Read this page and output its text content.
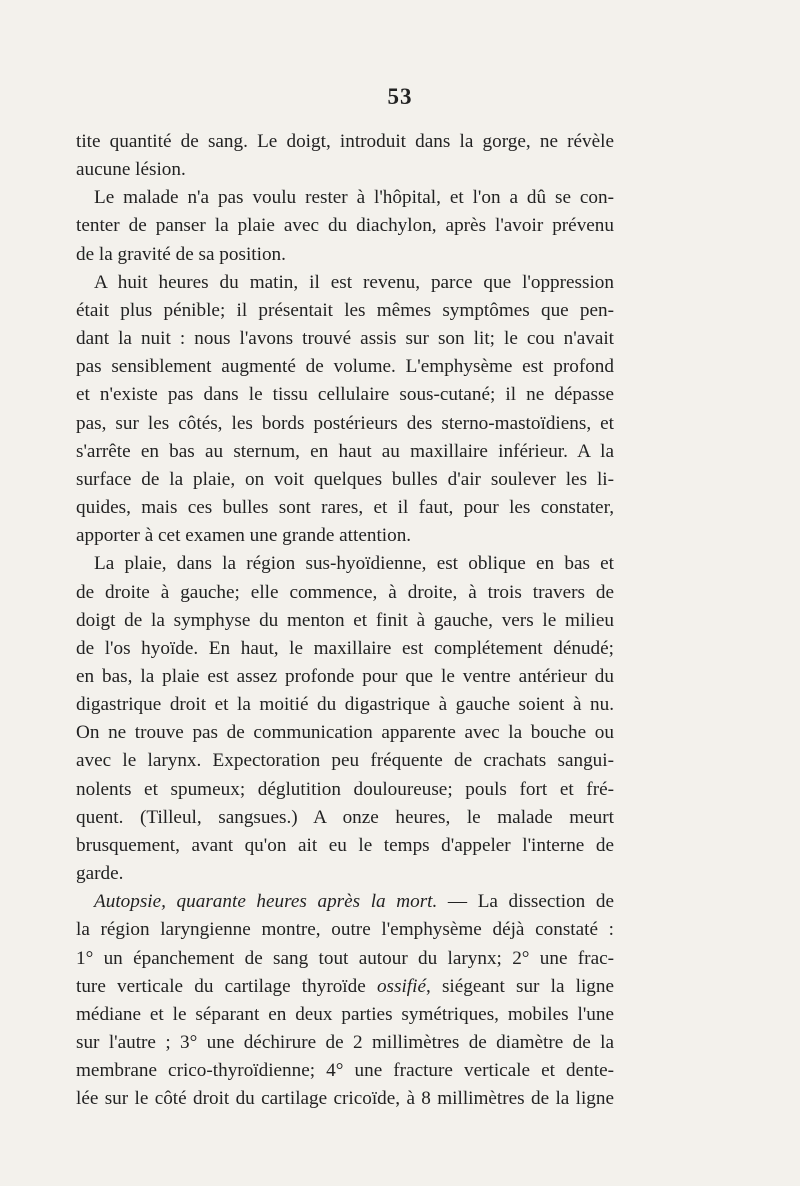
53
tite quantité de sang. Le doigt, introduit dans la gorge, ne révèle
aucune lésion.
Le malade n'a pas voulu rester à l'hôpital, et l'on a dû se con-
tenter de panser la plaie avec du diachylon, après l'avoir prévenu
de la gravité de sa position.
A huit heures du matin, il est revenu, parce que l'oppression
était plus pénible; il présentait les mêmes symptômes que pen-
dant la nuit : nous l'avons trouvé assis sur son lit; le cou n'avait
pas sensiblement augmenté de volume. L'emphysème est profond
et n'existe pas dans le tissu cellulaire sous-cutané; il ne dépasse
pas, sur les côtés, les bords postérieurs des sterno-mastoïdiens, et
s'arrête en bas au sternum, en haut au maxillaire inférieur. A la
surface de la plaie, on voit quelques bulles d'air soulever les li-
quides, mais ces bulles sont rares, et il faut, pour les constater,
apporter à cet examen une grande attention.
La plaie, dans la région sus-hyoïdienne, est oblique en bas et
de droite à gauche; elle commence, à droite, à trois travers de
doigt de la symphyse du menton et finit à gauche, vers le milieu
de l'os hyoïde. En haut, le maxillaire est complétement dénudé;
en bas, la plaie est assez profonde pour que le ventre antérieur du
digastrique droit et la moitié du digastrique à gauche soient à nu.
On ne trouve pas de communication apparente avec la bouche ou
avec le larynx. Expectoration peu fréquente de crachats sangui-
nolents et spumeux; déglutition douloureuse; pouls fort et fré-
quent. (Tilleul, sangsues.) A onze heures, le malade meurt
brusquement, avant qu'on ait eu le temps d'appeler l'interne de
garde.
Autopsie, quarante heures après la mort. — La dissection de
la région laryngienne montre, outre l'emphysème déjà constaté :
1° un épanchement de sang tout autour du larynx; 2° une frac-
ture verticale du cartilage thyroïde ossifié, siégeant sur la ligne
médiane et le séparant en deux parties symétriques, mobiles l'une
sur l'autre ; 3° une déchirure de 2 millimètres de diamètre de la
membrane crico-thyroïdienne; 4° une fracture verticale et dente-
lée sur le côté droit du cartilage cricoïde, à 8 millimètres de la ligne
